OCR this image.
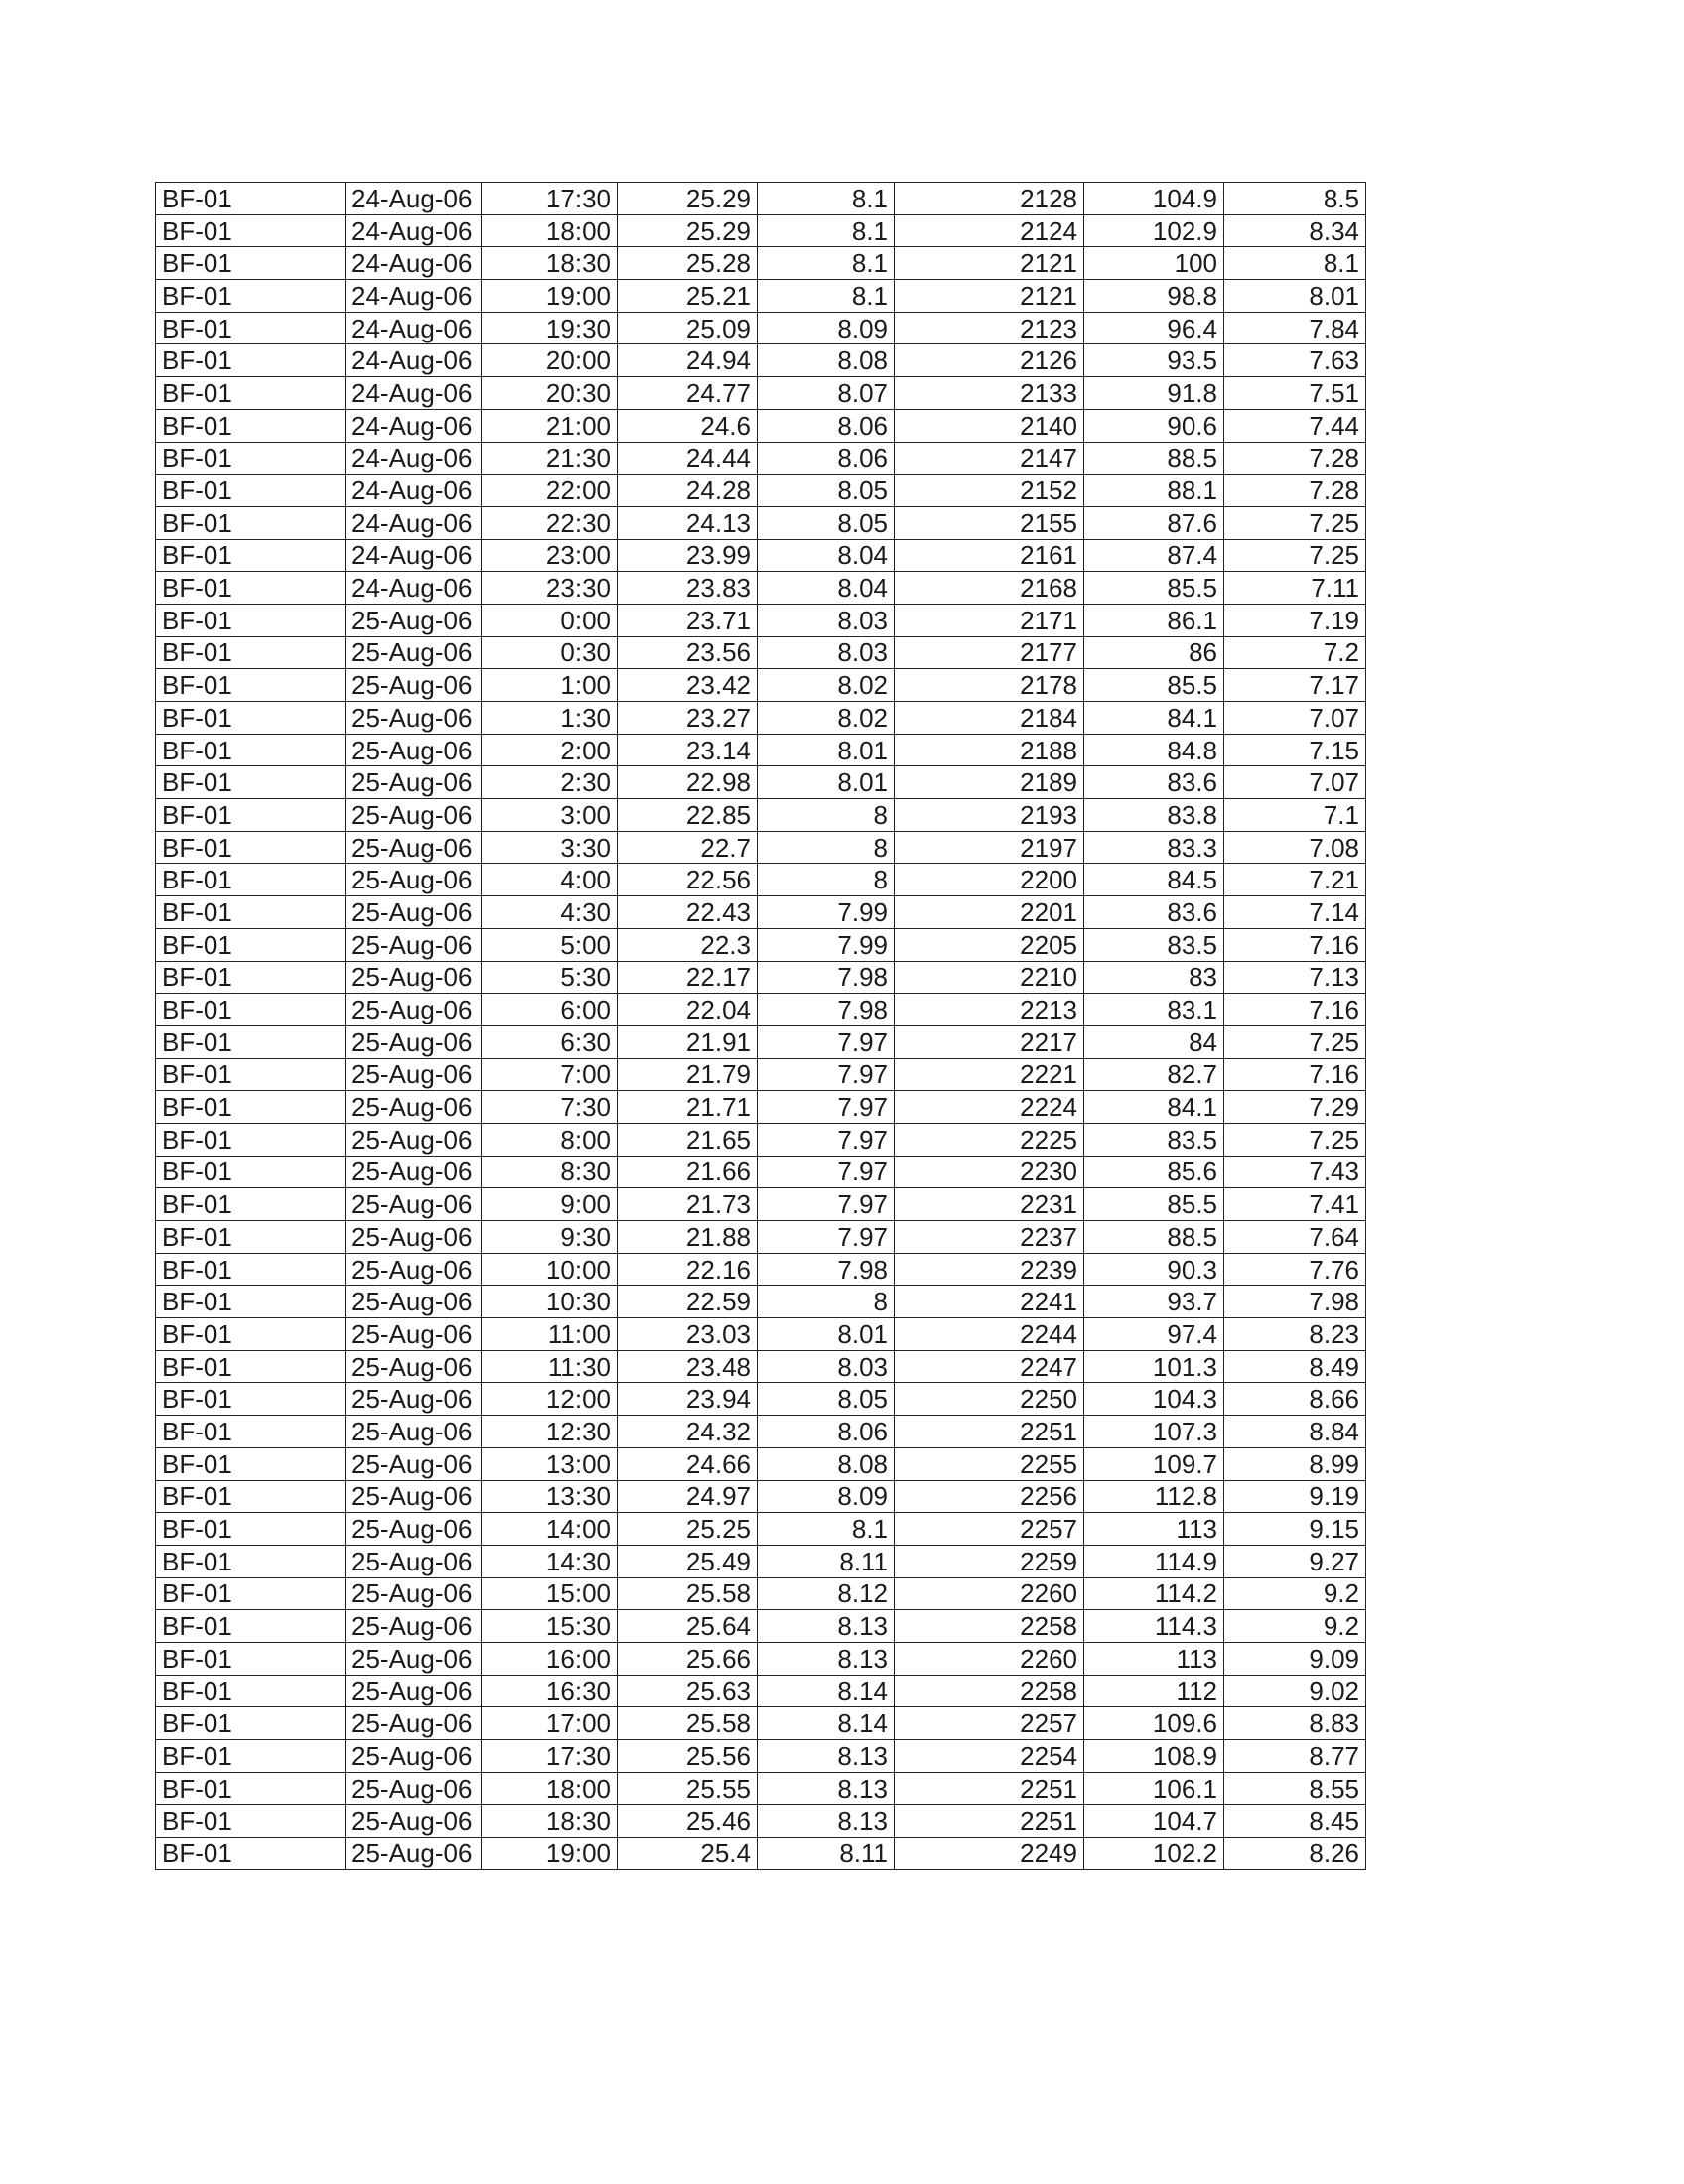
BF-01	24-Aug-06	17:30	25.29	8.1	2128	104.9	8.5
BF-01	24-Aug-06	18:00	25.29	8.1	2124	102.9	8.34
BF-01	24-Aug-06	18:30	25.28	8.1	2121	100	8.1
BF-01	24-Aug-06	19:00	25.21	8.1	2121	98.8	8.01
BF-01	24-Aug-06	19:30	25.09	8.09	2123	96.4	7.84
BF-01	24-Aug-06	20:00	24.94	8.08	2126	93.5	7.63
BF-01	24-Aug-06	20:30	24.77	8.07	2133	91.8	7.51
BF-01	24-Aug-06	21:00	24.6	8.06	2140	90.6	7.44
BF-01	24-Aug-06	21:30	24.44	8.06	2147	88.5	7.28
BF-01	24-Aug-06	22:00	24.28	8.05	2152	88.1	7.28
BF-01	24-Aug-06	22:30	24.13	8.05	2155	87.6	7.25
BF-01	24-Aug-06	23:00	23.99	8.04	2161	87.4	7.25
BF-01	24-Aug-06	23:30	23.83	8.04	2168	85.5	7.11
BF-01	25-Aug-06	0:00	23.71	8.03	2171	86.1	7.19
BF-01	25-Aug-06	0:30	23.56	8.03	2177	86	7.2
BF-01	25-Aug-06	1:00	23.42	8.02	2178	85.5	7.17
BF-01	25-Aug-06	1:30	23.27	8.02	2184	84.1	7.07
BF-01	25-Aug-06	2:00	23.14	8.01	2188	84.8	7.15
BF-01	25-Aug-06	2:30	22.98	8.01	2189	83.6	7.07
BF-01	25-Aug-06	3:00	22.85	8	2193	83.8	7.1
BF-01	25-Aug-06	3:30	22.7	8	2197	83.3	7.08
BF-01	25-Aug-06	4:00	22.56	8	2200	84.5	7.21
BF-01	25-Aug-06	4:30	22.43	7.99	2201	83.6	7.14
BF-01	25-Aug-06	5:00	22.3	7.99	2205	83.5	7.16
BF-01	25-Aug-06	5:30	22.17	7.98	2210	83	7.13
BF-01	25-Aug-06	6:00	22.04	7.98	2213	83.1	7.16
BF-01	25-Aug-06	6:30	21.91	7.97	2217	84	7.25
BF-01	25-Aug-06	7:00	21.79	7.97	2221	82.7	7.16
BF-01	25-Aug-06	7:30	21.71	7.97	2224	84.1	7.29
BF-01	25-Aug-06	8:00	21.65	7.97	2225	83.5	7.25
BF-01	25-Aug-06	8:30	21.66	7.97	2230	85.6	7.43
BF-01	25-Aug-06	9:00	21.73	7.97	2231	85.5	7.41
BF-01	25-Aug-06	9:30	21.88	7.97	2237	88.5	7.64
BF-01	25-Aug-06	10:00	22.16	7.98	2239	90.3	7.76
BF-01	25-Aug-06	10:30	22.59	8	2241	93.7	7.98
BF-01	25-Aug-06	11:00	23.03	8.01	2244	97.4	8.23
BF-01	25-Aug-06	11:30	23.48	8.03	2247	101.3	8.49
BF-01	25-Aug-06	12:00	23.94	8.05	2250	104.3	8.66
BF-01	25-Aug-06	12:30	24.32	8.06	2251	107.3	8.84
BF-01	25-Aug-06	13:00	24.66	8.08	2255	109.7	8.99
BF-01	25-Aug-06	13:30	24.97	8.09	2256	112.8	9.19
BF-01	25-Aug-06	14:00	25.25	8.1	2257	113	9.15
BF-01	25-Aug-06	14:30	25.49	8.11	2259	114.9	9.27
BF-01	25-Aug-06	15:00	25.58	8.12	2260	114.2	9.2
BF-01	25-Aug-06	15:30	25.64	8.13	2258	114.3	9.2
BF-01	25-Aug-06	16:00	25.66	8.13	2260	113	9.09
BF-01	25-Aug-06	16:30	25.63	8.14	2258	112	9.02
BF-01	25-Aug-06	17:00	25.58	8.14	2257	109.6	8.83
BF-01	25-Aug-06	17:30	25.56	8.13	2254	108.9	8.77
BF-01	25-Aug-06	18:00	25.55	8.13	2251	106.1	8.55
BF-01	25-Aug-06	18:30	25.46	8.13	2251	104.7	8.45
BF-01	25-Aug-06	19:00	25.4	8.11	2249	102.2	8.26
